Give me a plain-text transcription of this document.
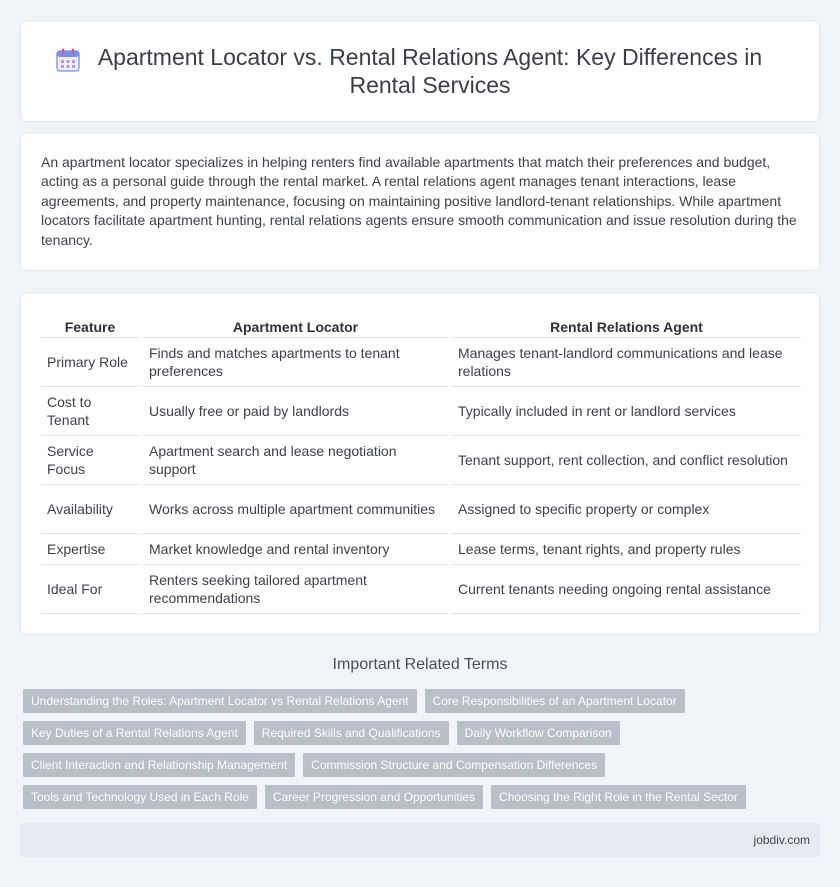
Apartment Locator vs. Rental Relations Agent: Key Differences in Rental Services

An apartment locator specializes in helping renters find available apartments that match their preferences and budget, acting as a personal guide through the rental market. A rental relations agent manages tenant interactions, lease agreements, and property maintenance, focusing on maintaining positive landlord-tenant relationships. While apartment locators facilitate apartment hunting, rental relations agents ensure smooth communication and issue resolution during the tenancy.

Feature	Apartment Locator	Rental Relations Agent
Primary Role	Finds and matches apartments to tenant preferences	Manages tenant-landlord communications and lease relations
Cost to Tenant	Usually free or paid by landlords	Typically included in rent or landlord services
Service Focus	Apartment search and lease negotiation support	Tenant support, rent collection, and conflict resolution
Availability	Works across multiple apartment communities	Assigned to specific property or complex
Expertise	Market knowledge and rental inventory	Lease terms, tenant rights, and property rules
Ideal For	Renters seeking tailored apartment recommendations	Current tenants needing ongoing rental assistance
Important Related Terms
Understanding the Roles: Apartment Locator vs Rental Relations Agent	Core Responsibilities of an Apartment Locator
Key Duties of a Rental Relations Agent	Required Skills and Qualifications	Daily Workflow Comparison
Client Interaction and Relationship Management	Commission Structure and Compensation Differences
Tools and Technology Used in Each Role	Career Progression and Opportunities	Choosing the Right Role in the Rental Sector
jobdiv.com
